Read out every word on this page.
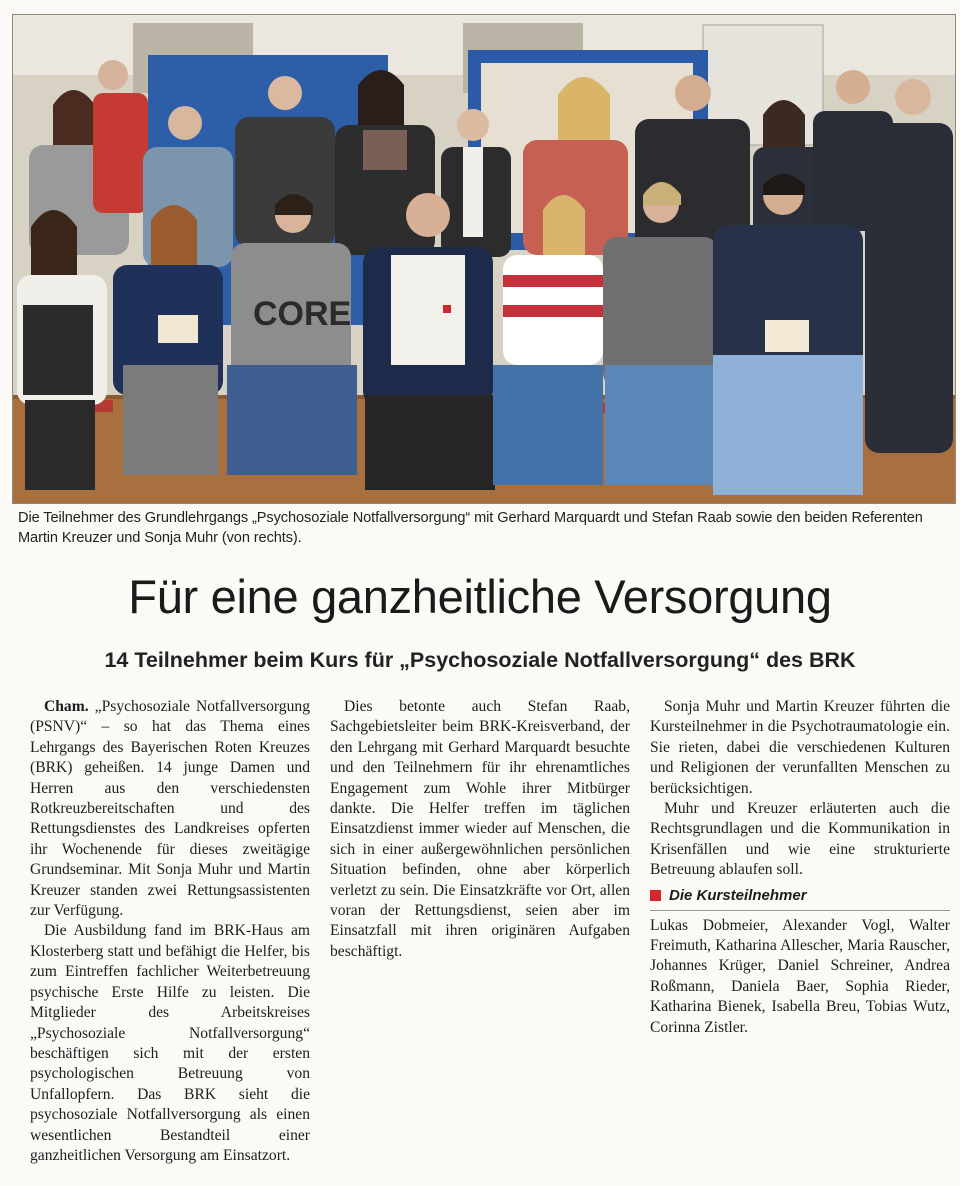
CORE
Die Teilnehmer des Grundlehrgangs „Psychosoziale Notfallversorgung“ mit Gerhard Marquardt und Stefan Raab sowie den beiden Referenten Martin Kreuzer und Sonja Muhr (von rechts).
Für eine ganzheitliche Versorgung
14 Teilnehmer beim Kurs für „Psychosoziale Notfallversorgung“ des BRK

Cham. „Psychosoziale Notfallversorgung (PSNV)“ – so hat das Thema eines Lehrgangs des Bayerischen Roten Kreuzes (BRK) geheißen. 14 junge Damen und Herren aus den verschiedensten Rotkreuzbereitschaften und des Rettungsdienstes des Landkreises opferten ihr Wochenende für dieses zweitägige Grundseminar. Mit Sonja Muhr und Martin Kreuzer standen zwei Rettungsassistenten zur Verfügung.

Die Ausbildung fand im BRK-Haus am Klosterberg statt und befähigt die Helfer, bis zum Eintreffen fachlicher Weiterbetreuung psychische Erste Hilfe zu leisten. Die Mitglieder des Arbeitskreises „Psychosoziale Notfallversorgung“ beschäftigen sich mit der ersten psychologischen Betreuung von Unfallopfern. Das BRK sieht die psychosoziale Notfallversorgung als einen wesentlichen Bestandteil einer ganzheitlichen Versorgung am Einsatzort.

Dies betonte auch Stefan Raab, Sachgebietsleiter beim BRK-Kreisverband, der den Lehrgang mit Gerhard Marquardt besuchte und den Teilnehmern für ihr ehrenamtliches Engagement zum Wohle ihrer Mitbürger dankte. Die Helfer treffen im täglichen Einsatzdienst immer wieder auf Menschen, die sich in einer außergewöhnlichen persönlichen Situation befinden, ohne aber körperlich verletzt zu sein. Die Einsatzkräfte vor Ort, allen voran der Rettungsdienst, seien aber im Einsatzfall mit ihren originären Aufgaben beschäftigt.

Sonja Muhr und Martin Kreuzer führten die Kursteilnehmer in die Psychotraumatologie ein. Sie rieten, dabei die verschiedenen Kulturen und Religionen der verunfallten Menschen zu berücksichtigen.

Muhr und Kreuzer erläuterten auch die Rechtsgrundlagen und die Kommunikation in Krisenfällen und wie eine strukturierte Betreuung ablaufen soll.

Die Kursteilnehmer

Lukas Dobmeier, Alexander Vogl, Walter Freimuth, Katharina Allescher, Maria Rauscher, Johannes Krüger, Daniel Schreiner, Andrea Roßmann, Daniela Baer, Sophia Rieder, Katharina Bienek, Isabella Breu, Tobias Wutz, Corinna Zistler.
